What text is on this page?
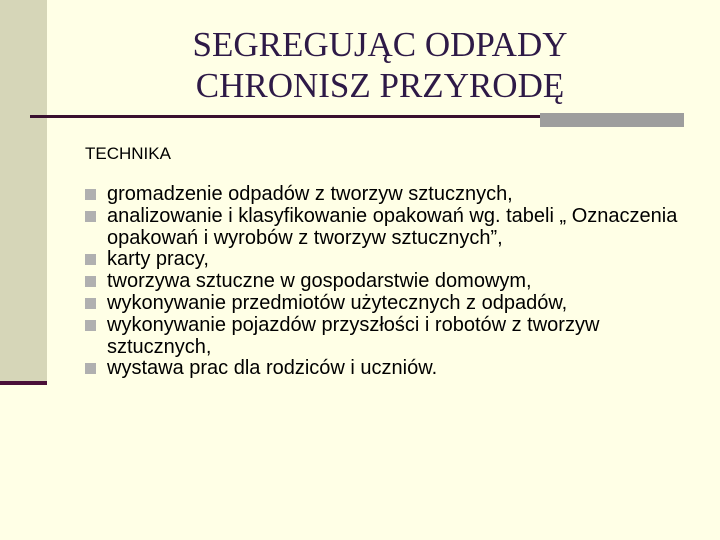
SEGREGUJĄC ODPADY
CHRONISZ PRZYRODĘ
TECHNIKA
gromadzenie odpadów z tworzyw sztucznych,
analizowanie i klasyfikowanie opakowań wg. tabeli „ Oznaczenia opakowań i wyrobów z tworzyw sztucznych”,
karty pracy,
tworzywa sztuczne w gospodarstwie domowym,
wykonywanie przedmiotów użytecznych z odpadów,
wykonywanie pojazdów przyszłości i robotów z tworzyw sztucznych,
wystawa prac dla rodziców i uczniów.
